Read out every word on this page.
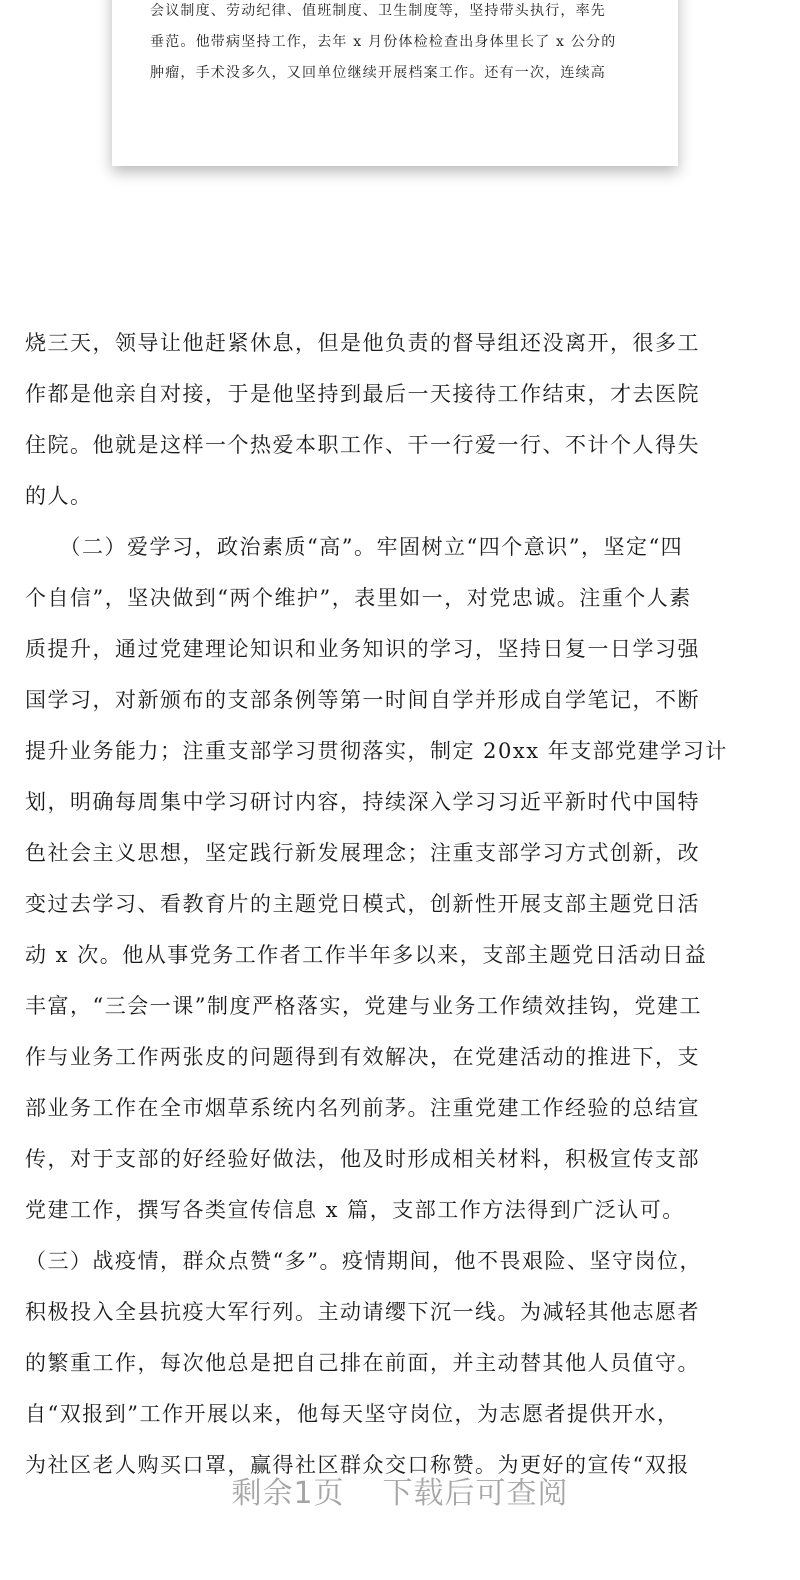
会议制度、劳动纪律、值班制度、卫生制度等，坚持带头执行，率先
垂范。他带病坚持工作，去年 x 月份体检检查出身体里长了 x 公分的
肿瘤，手术没多久，又回单位继续开展档案工作。还有一次，连续高

烧三天，领导让他赶紧休息，但是他负责的督导组还没离开，很多工
作都是他亲自对接，于是他坚持到最后一天接待工作结束，才去医院
住院。他就是这样一个热爱本职工作、干一行爱一行、不计个人得失
的人。
　　（二）爱学习，政治素质“高”。牢固树立“四个意识”，坚定“四
个自信”，坚决做到“两个维护”，表里如一，对党忠诚。注重个人素
质提升，通过党建理论知识和业务知识的学习，坚持日复一日学习强
国学习，对新颁布的支部条例等第一时间自学并形成自学笔记，不断
提升业务能力；注重支部学习贯彻落实，制定 20xx 年支部党建学习计
划，明确每周集中学习研讨内容，持续深入学习习近平新时代中国特
色社会主义思想，坚定践行新发展理念；注重支部学习方式创新，改
变过去学习、看教育片的主题党日模式，创新性开展支部主题党日活
动 x 次。他从事党务工作者工作半年多以来，支部主题党日活动日益
丰富，“三会一课”制度严格落实，党建与业务工作绩效挂钩，党建工
作与业务工作两张皮的问题得到有效解决，在党建活动的推进下，支
部业务工作在全市烟草系统内名列前茅。注重党建工作经验的总结宣
传，对于支部的好经验好做法，他及时形成相关材料，积极宣传支部
党建工作，撰写各类宣传信息 x 篇，支部工作方法得到广泛认可。
（三）战疫情，群众点赞“多”。疫情期间，他不畏艰险、坚守岗位，
积极投入全县抗疫大军行列。主动请缨下沉一线。为减轻其他志愿者
的繁重工作，每次他总是把自己排在前面，并主动替其他人员值守。
自“双报到”工作开展以来，他每天坚守岗位，为志愿者提供开水，
为社区老人购买口罩，赢得社区群众交口称赞。为更好的宣传“双报
剩余1页 下载后可查阅
